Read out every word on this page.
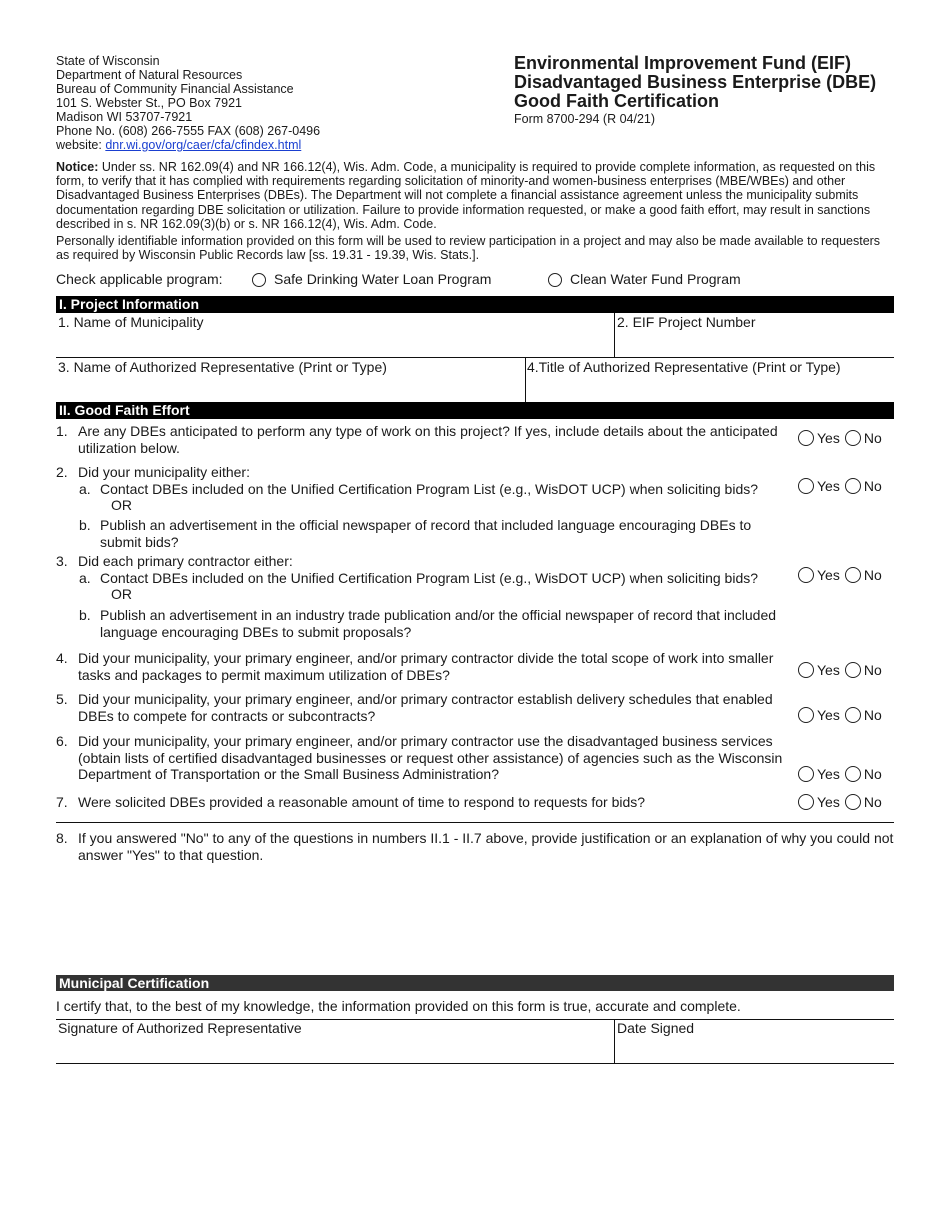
State of Wisconsin
Department of Natural Resources
Bureau of Community Financial Assistance
101 S. Webster St., PO Box 7921
Madison WI 53707-7921
Phone No. (608) 266-7555 FAX (608) 267-0496
website: dnr.wi.gov/org/caer/cfa/cfindex.html
Environmental Improvement Fund (EIF)
Disadvantaged Business Enterprise (DBE)
Good Faith Certification
Form 8700-294 (R 04/21)

Notice: Under ss. NR 162.09(4) and NR 166.12(4), Wis. Adm. Code, a municipality is required to provide complete information, as requested on this form, to verify that it has complied with requirements regarding solicitation of minority-and women-business enterprises (MBE/WBEs) and other Disadvantaged Business Enterprises (DBEs). The Department will not complete a financial assistance agreement unless the municipality submits documentation regarding DBE solicitation or utilization. Failure to provide information requested, or make a good faith effort, may result in sanctions described in s. NR 162.09(3)(b) or s. NR 166.12(4), Wis. Adm. Code.

Personally identifiable information provided on this form will be used to review participation in a project and may also be made available to requesters as required by Wisconsin Public Records law [ss. 19.31 - 19.39, Wis. Stats.].

Check applicable program:	Safe Drinking Water Loan Program	Clean Water Fund Program
I. Project Information
1. Name of Municipality	2. EIF Project Number
3. Name of Authorized Representative (Print or Type)	4.Title of Authorized Representative (Print or Type)
II. Good Faith Effort
1. Are any DBEs anticipated to perform any type of work on this project? If yes, include details about the anticipated utilization below.
Yes No
2. Did your municipality either:
a. Contact DBEs included on the Unified Certification Program List (e.g., WisDOT UCP) when soliciting bids?
OR
Yes No
b. Publish an advertisement in the official newspaper of record that included language encouraging DBEs to submit bids?
3. Did each primary contractor either:
a. Contact DBEs included on the Unified Certification Program List (e.g., WisDOT UCP) when soliciting bids?
OR
Yes No
b. Publish an advertisement in an industry trade publication and/or the official newspaper of record that included language encouraging DBEs to submit proposals?
4. Did your municipality, your primary engineer, and/or primary contractor divide the total scope of work into smaller tasks and packages to permit maximum utilization of DBEs?	Yes No
5. Did your municipality, your primary engineer, and/or primary contractor establish delivery schedules that enabled DBEs to compete for contracts or subcontracts?	Yes No
6. Did your municipality, your primary engineer, and/or primary contractor use the disadvantaged business services (obtain lists of certified disadvantaged businesses or request other assistance) of agencies such as the Wisconsin Department of Transportation or the Small Business Administration?	Yes No
7. Were solicited DBEs provided a reasonable amount of time to respond to requests for bids?	Yes No
8. If you answered "No" to any of the questions in numbers II.1 - II.7 above, provide justification or an explanation of why you could not answer "Yes" to that question.
Municipal Certification
I certify that, to the best of my knowledge, the information provided on this form is true, accurate and complete.
Signature of Authorized Representative	Date Signed
